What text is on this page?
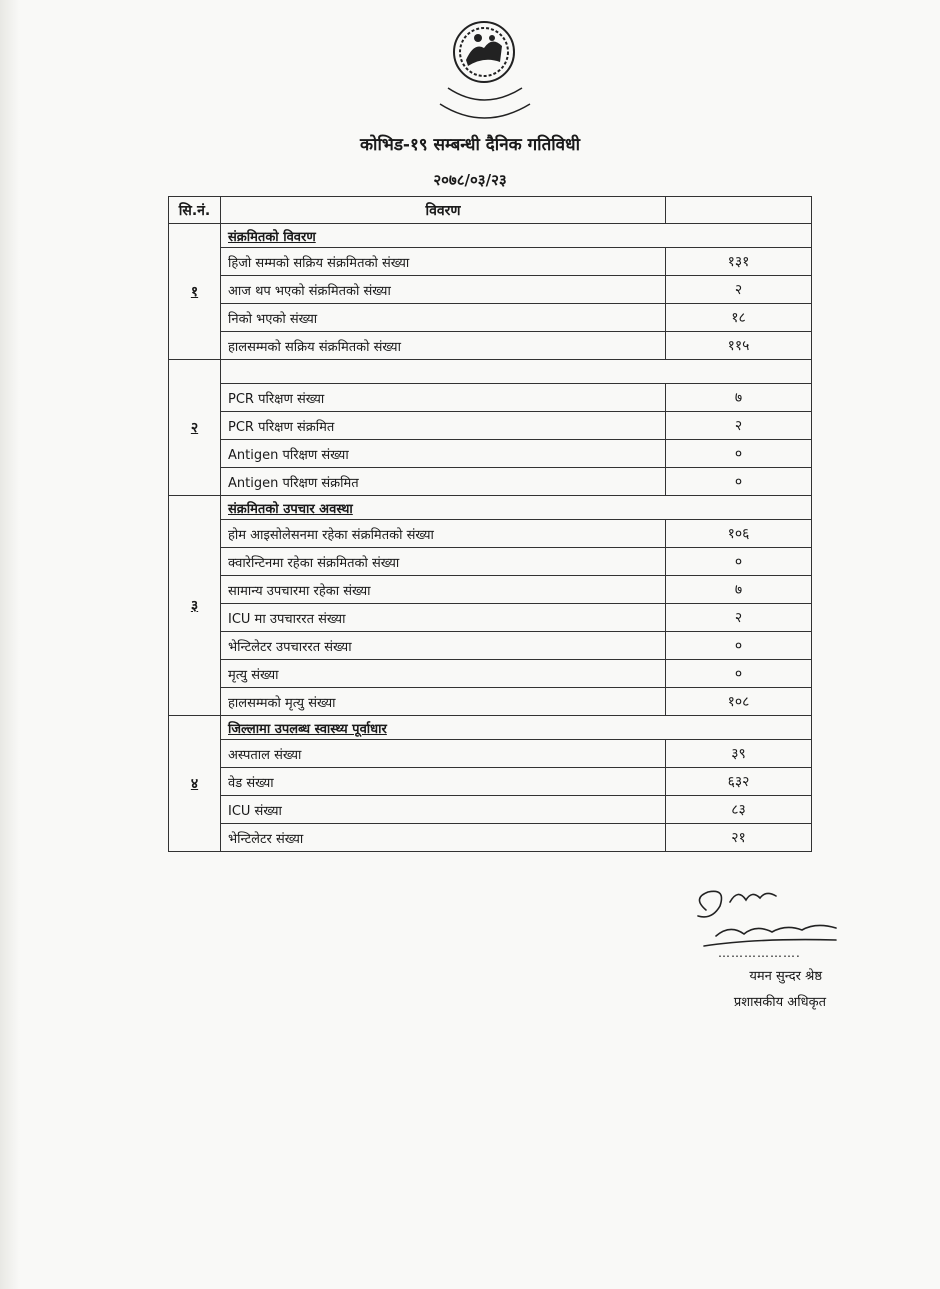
कोभिड-१९ सम्बन्धी दैनिक गतिविधी
२०७८/०३/२३
सि.नं.	विवरण	
१	संक्रमितको विवरण	
	हिजो सम्मको सक्रिय संक्रमितको संख्या	१३१
	आज थप भएको संक्रमितको संख्या	२
	निको भएको संख्या	१८
	हालसम्मको सक्रिय संक्रमितको संख्या	११५
२		
	PCR परिक्षण संख्या	७
	PCR परिक्षण संक्रमित	२
	Antigen परिक्षण संख्या	०
	Antigen परिक्षण संक्रमित	०
३	संक्रमितको उपचार अवस्था	
	होम आइसोलेसनमा रहेका संक्रमितको संख्या	१०६
	क्वारेन्टिनमा रहेका संक्रमितको संख्या	०
	सामान्य उपचारमा रहेका संख्या	७
	ICU मा उपचाररत संख्या	२
	भेन्टिलेटर उपचाररत संख्या	०
	मृत्यु संख्या	०
	हालसम्मको मृत्यु संख्या	१०८
४	जिल्लामा उपलब्ध स्वास्थ्य पूर्वाधार	
	अस्पताल संख्या	३९
	वेड संख्या	६३२
	ICU संख्या	८३
	भेन्टिलेटर संख्या	२१
……………….
यमन सुन्दर श्रेष्ठ
प्रशासकीय अधिकृत
